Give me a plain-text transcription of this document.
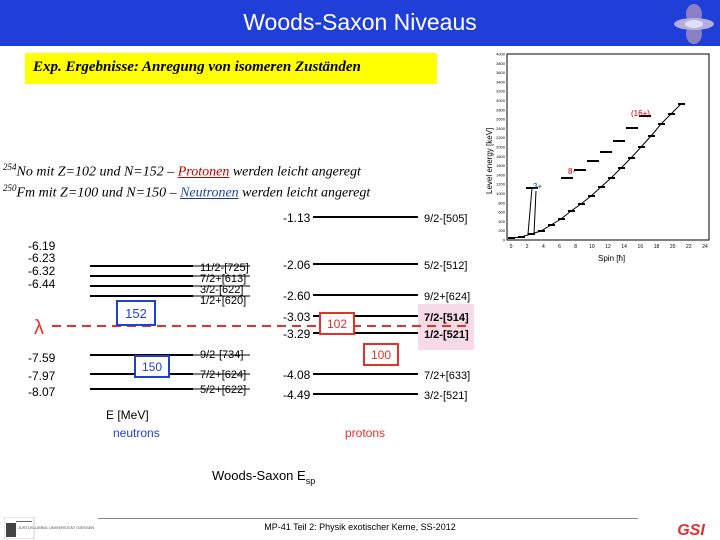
Woods-Saxon Niveaus
Exp. Ergebnisse: Anregung von isomeren Zuständen
$^{254}$No mit Z=102 und N=152 – Protonen werden leicht angeregt
$^{250}$Fm mit Z=100 und N=150 – Neutronen werden leicht angeregt
-6.19
-6.23
-6.32
-6.44
-7.59
-7.97
-8.07
11/2-[725]
7/2+[613]
3/2-[622]
1/2+[620]
9/2-[734]
7/2+[624]
5/2+[622]
-1.13
-2.06
-2.60
-3.03
-3.29
-4.08
-4.49
9/2-[505]
5/2-[512]
9/2+[624]
7/2-[514]
1/2-[521]
7/2+[633]
3/2-[521]
λ
152
150
102
100
E [MeV]
neutrons	protons
Woods-Saxon $E_{sp}$
0
200
400
600
800
1000
1200
1400
1600
1800
2000
2200
2400
2600
2800
3000
3200
3400
3600
3800
4000
0	2	4	6	8 10 12 14 16 18 20 22 24
Level energy [keV]
Spin [ħ]
(16+)
8-
3+
MP-41 Teil 2: Physik exotischer Kerne, SS-2012
JUSTUS-LIEBIG UNIVERSITÄT GIESSEN	GSI
